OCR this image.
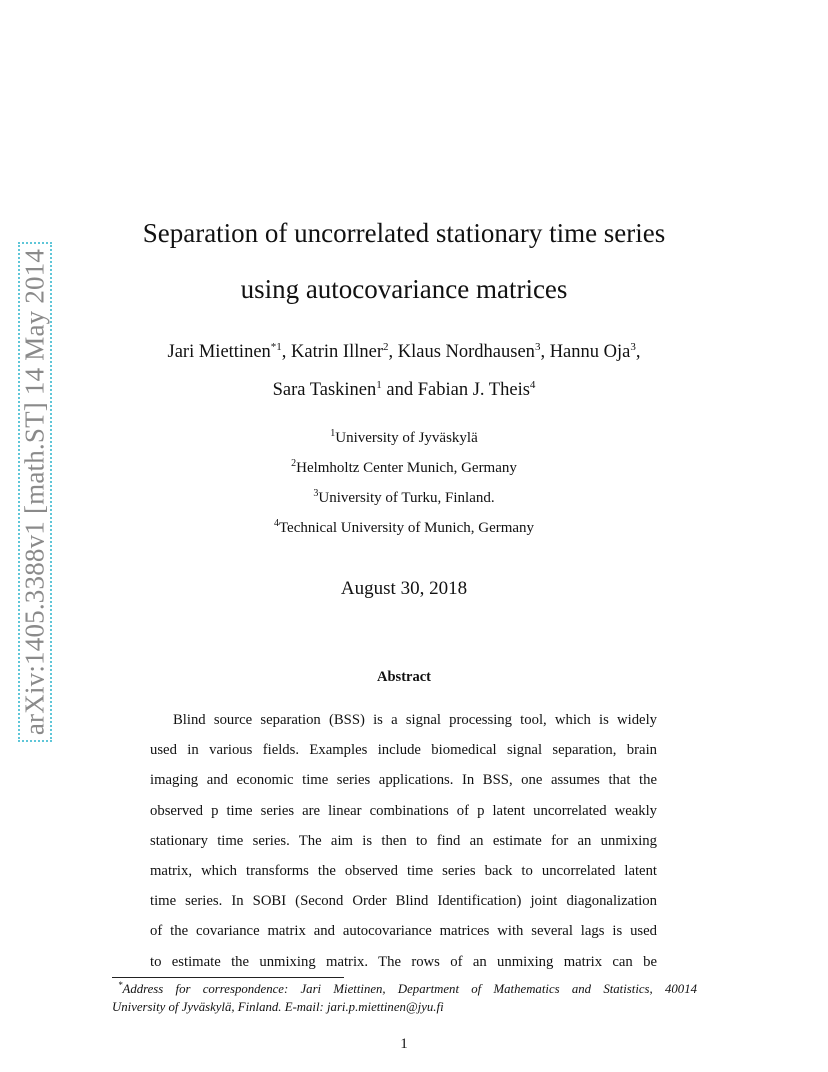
arXiv:1405.3388v1 [math.ST] 14 May 2014
Separation of uncorrelated stationary time series
using autocovariance matrices
Jari Miettinen$^{*1}$, Katrin Illner$^2$, Klaus Nordhausen$^3$, Hannu Oja$^3$,
Sara Taskinen$^1$ and Fabian J. Theis$^4$
$^1$University of Jyväskylä
$^2$Helmholtz Center Munich, Germany
$^3$University of Turku, Finland.
$^4$Technical University of Munich, Germany
August 30, 2018
Abstract
Blind source separation (BSS) is a signal processing tool, which is widely
used in various fields. Examples include biomedical signal separation, brain
imaging and economic time series applications. In BSS, one assumes that the
observed p time series are linear combinations of p latent uncorrelated weakly
stationary time series. The aim is then to find an estimate for an unmixing
matrix, which transforms the observed time series back to uncorrelated latent
time series. In SOBI (Second Order Blind Identification) joint diagonalization
of the covariance matrix and autocovariance matrices with several lags is used
to estimate the unmixing matrix. The rows of an unmixing matrix can be
*Address for correspondence: Jari Miettinen, Department of Mathematics and Statistics, 40014
University of Jyväskylä, Finland. E-mail: jari.p.miettinen@jyu.fi
1
